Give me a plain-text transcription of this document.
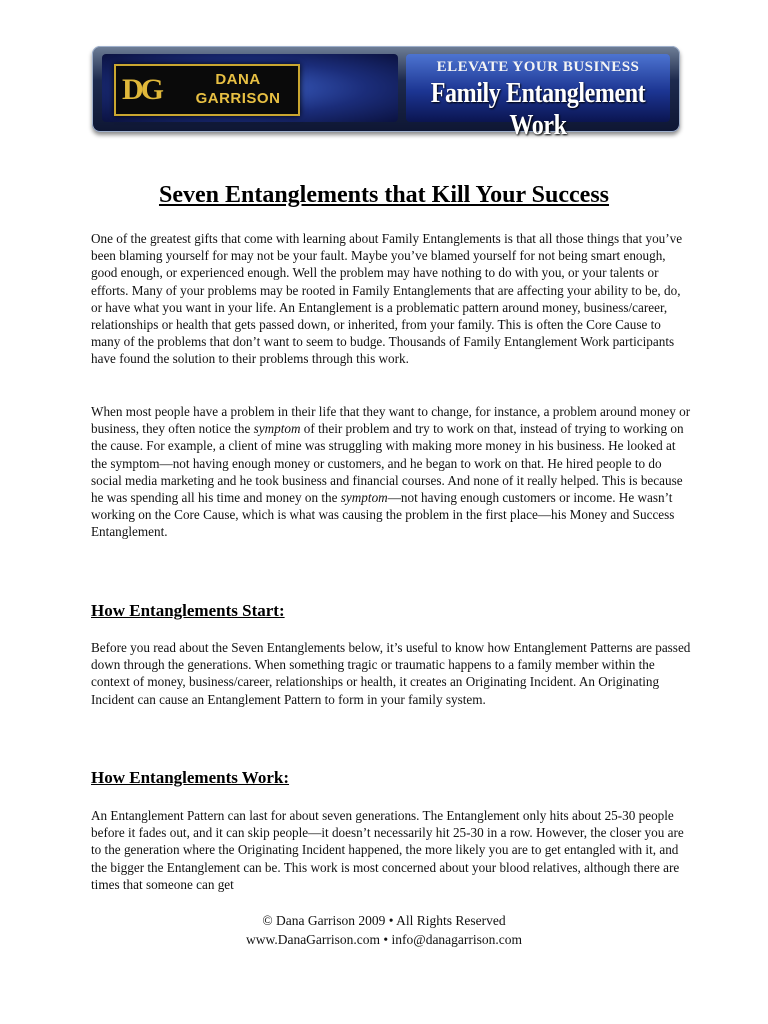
DG	DANA
GARRISON
ELEVATE YOUR BUSINESS
Family Entanglement Work
Seven Entanglements that Kill Your Success

One of the greatest gifts that come with learning about Family Entanglements is that all those things that you’ve been blaming yourself for may not be your fault. Maybe you’ve blamed yourself for not being smart enough, good enough, or experienced enough. Well the problem may have nothing to do with you, or your talents or efforts. Many of your problems may be rooted in Family Entanglements that are affecting your ability to be, do, or have what you want in your life. An Entanglement is a problematic pattern around money, business/career, relationships or health that gets passed down, or inherited, from your family. This is often the Core Cause to many of the problems that don’t want to seem to budge. Thousands of Family Entanglement Work participants have found the solution to their problems through this work.

When most people have a problem in their life that they want to change, for instance, a problem around money or business, they often notice the symptom of their problem and try to work on that, instead of trying to working on the cause. For example, a client of mine was struggling with making more money in his business. He looked at the symptom—not having enough money or customers, and he began to work on that. He hired people to do social media marketing and he took business and financial courses. And none of it really helped. This is because he was spending all his time and money on the symptom—not having enough customers or income. He wasn’t working on the Core Cause, which is what was causing the problem in the first place—his Money and Success Entanglement.

How Entanglements Start:

Before you read about the Seven Entanglements below, it’s useful to know how Entanglement Patterns are passed down through the generations. When something tragic or traumatic happens to a family member within the context of money, business/career, relationships or health, it creates an Originating Incident. An Originating Incident can cause an Entanglement Pattern to form in your family system.

How Entanglements Work:

An Entanglement Pattern can last for about seven generations. The Entanglement only hits about 25-30 people before it fades out, and it can skip people—it doesn’t necessarily hit 25-30 in a row. However, the closer you are to the generation where the Originating Incident happened, the more likely you are to get entangled with it, and the bigger the Entanglement can be. This work is most concerned about your blood relatives, although there are times that someone can get

© Dana Garrison 2009 • All Rights Reserved
www.DanaGarrison.com • info@danagarrison.com
